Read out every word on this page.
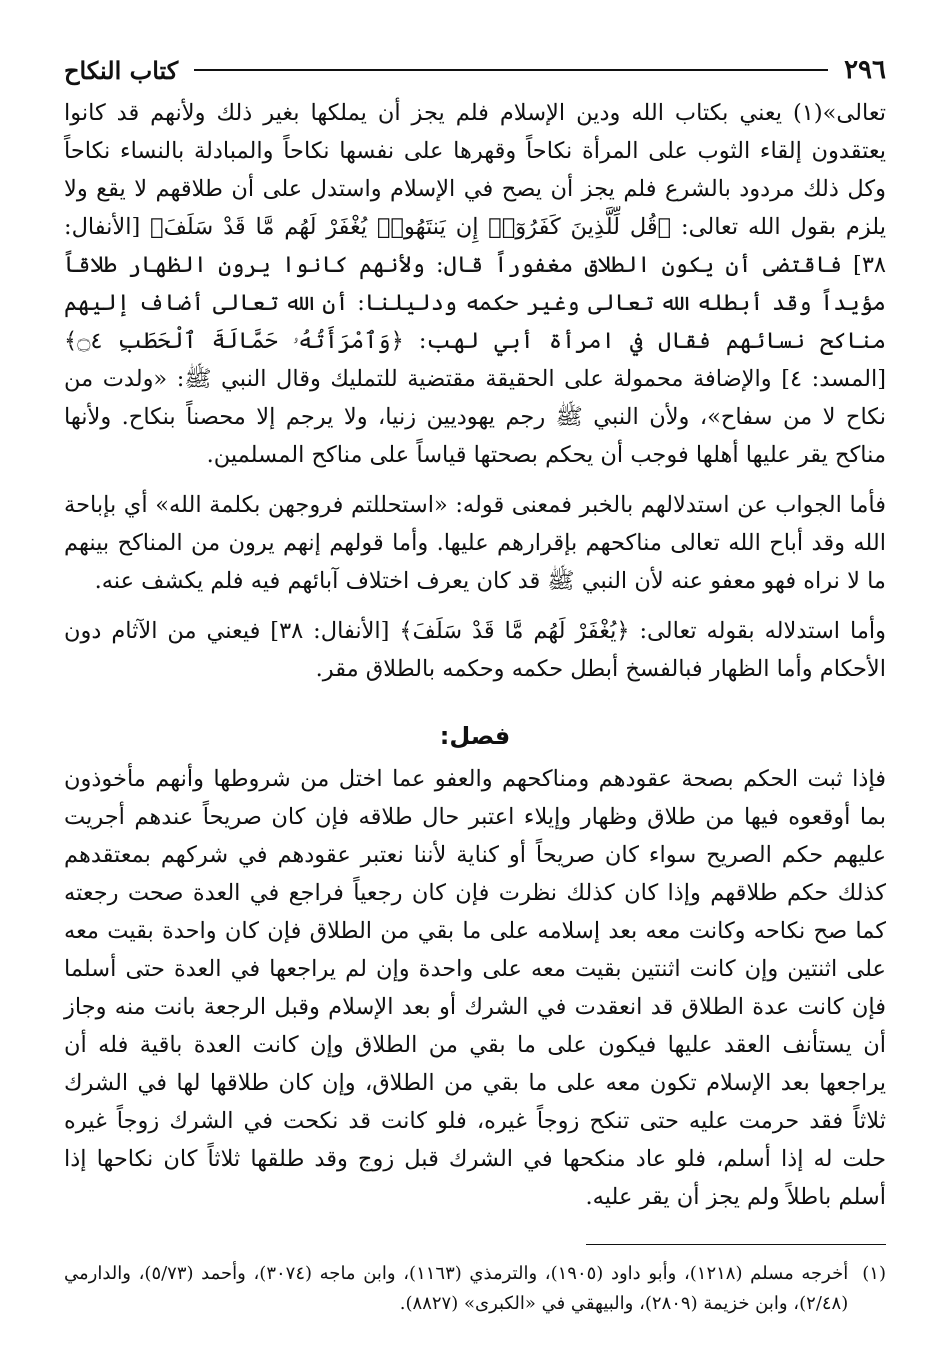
٢٩٦
كتاب النكاح

تعالى»(١) يعني بكتاب الله ودين الإسلام فلم يجز أن يملكها بغير ذلك ولأنهم قد كانوا يعتقدون إلقاء الثوب على المرأة نكاحاً وقهرها على نفسها نكاحاً والمبادلة بالنساء نكاحاً وكل ذلك مردود بالشرع فلم يجز أن يصح في الإسلام واستدل على أن طلاقهم لا يقع ولا يلزم بقول الله تعالى: ﴿قُل لِّلَّذِينَ كَفَرُوٓا۟ إِن يَنتَهُوا۟ يُغْفَرْ لَهُم مَّا قَدْ سَلَفَ﴾ [الأنفال: ٣٨] فاقتضى أن يكون الطلاق مغفوراً قال: ولأنهم كانوا يرون الظهار طلاقاً مؤيداً وقد أبطله الله تعالى وغير حكمه ودليلنا: أن الله تعالى أضاف إليهم مناكح نسائهم فقال في امرأة أبي لهب: ﴿وَٱمْرَأَتُهُۥ حَمَّالَةَ ٱلْحَطَبِ ۝٤﴾ [المسد: ٤] والإضافة محمولة على الحقيقة مقتضية للتمليك وقال النبي ﷺ: «ولدت من نكاح لا من سفاح»، ولأن النبي ﷺ رجم يهوديين زنيا، ولا يرجم إلا محصناً بنكاح. ولأنها مناكح يقر عليها أهلها فوجب أن يحكم بصحتها قياساً على مناكح المسلمين.

فأما الجواب عن استدلالهم بالخبر فمعنى قوله: «استحللتم فروجهن بكلمة الله» أي بإباحة الله وقد أباح الله تعالى مناكحهم بإقرارهم عليها. وأما قولهم إنهم يرون من المناكح بينهم ما لا نراه فهو معفو عنه لأن النبي ﷺ قد كان يعرف اختلاف آبائهم فيه فلم يكشف عنه.

وأما استدلاله بقوله تعالى: ﴿يُغْفَرْ لَهُم مَّا قَدْ سَلَفَ﴾ [الأنفال: ٣٨] فيعني من الآثام دون الأحكام وأما الظهار فبالفسخ أبطل حكمه وحكمه بالطلاق مقر.

فصل:

فإذا ثبت الحكم بصحة عقودهم ومناكحهم والعفو عما اختل من شروطها وأنهم مأخوذون بما أوقعوه فيها من طلاق وظهار وإيلاء اعتبر حال طلاقه فإن كان صريحاً عندهم أجريت عليهم حكم الصريح سواء كان صريحاً أو كناية لأننا نعتبر عقودهم في شركهم بمعتقدهم كذلك حكم طلاقهم وإذا كان كذلك نظرت فإن كان رجعياً فراجع في العدة صحت رجعته كما صح نكاحه وكانت معه بعد إسلامه على ما بقي من الطلاق فإن كان واحدة بقيت معه على اثنتين وإن كانت اثنتين بقيت معه على واحدة وإن لم يراجعها في العدة حتى أسلما فإن كانت عدة الطلاق قد انعقدت في الشرك أو بعد الإسلام وقبل الرجعة بانت منه وجاز أن يستأنف العقد عليها فيكون على ما بقي من الطلاق وإن كانت العدة باقية فله أن يراجعها بعد الإسلام تكون معه على ما بقي من الطلاق، وإن كان طلاقها لها في الشرك ثلاثاً فقد حرمت عليه حتى تنكح زوجاً غيره، فلو كانت قد نكحت في الشرك زوجاً غيره حلت له إذا أسلم، فلو عاد منكحها في الشرك قبل زوج وقد طلقها ثلاثاً كان نكاحها إذا أسلم باطلاً ولم يجز أن يقر عليه.

(١)
أخرجه مسلم (١٢١٨)، وأبو داود (١٩٠٥)، والترمذي (١١٦٣)، وابن ماجه (٣٠٧٤)، وأحمد (٥/٧٣)، والدارمي (٢/٤٨)، وابن خزيمة (٢٨٠٩)، والبيهقي في «الكبرى» (٨٨٢٧).
